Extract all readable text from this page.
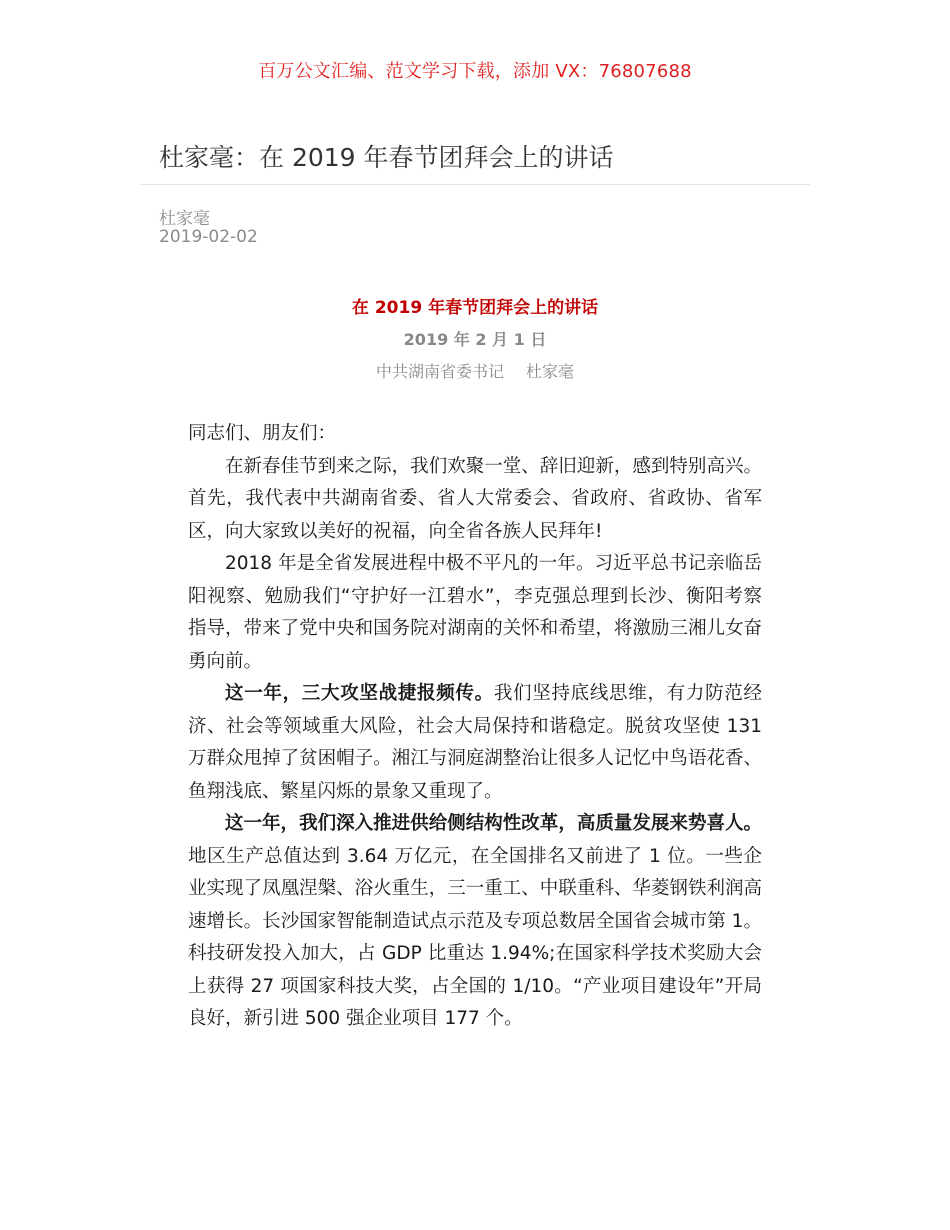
百万公文汇编、范文学习下载，添加 VX：76807688
杜家毫：在 2019 年春节团拜会上的讲话
杜家毫
2019-02-02
在 2019 年春节团拜会上的讲话
2019 年 2 月 1 日
中共湖南省委书记 杜家毫

同志们、朋友们：

在新春佳节到来之际，我们欢聚一堂、辞旧迎新，感到特别高兴。首先，我代表中共湖南省委、省人大常委会、省政府、省政协、省军区，向大家致以美好的祝福，向全省各族人民拜年!

2018 年是全省发展进程中极不平凡的一年。习近平总书记亲临岳阳视察、勉励我们“守护好一江碧水”，李克强总理到长沙、衡阳考察指导，带来了党中央和国务院对湖南的关怀和希望，将激励三湘儿女奋勇向前。

这一年，三大攻坚战捷报频传。我们坚持底线思维，有力防范经济、社会等领域重大风险，社会大局保持和谐稳定。脱贫攻坚使 131 万群众甩掉了贫困帽子。湘江与洞庭湖整治让很多人记忆中鸟语花香、鱼翔浅底、繁星闪烁的景象又重现了。

这一年，我们深入推进供给侧结构性改革，高质量发展来势喜人。地区生产总值达到 3.64 万亿元，在全国排名又前进了 1 位。一些企业实现了凤凰涅槃、浴火重生，三一重工、中联重科、华菱钢铁利润高速增长。长沙国家智能制造试点示范及专项总数居全国省会城市第 1。科技研发投入加大，占 GDP 比重达 1.94%;在国家科学技术奖励大会上获得 27 项国家科技大奖，占全国的 1/10。“产业项目建设年”开局良好，新引进 500 强企业项目 177 个。
